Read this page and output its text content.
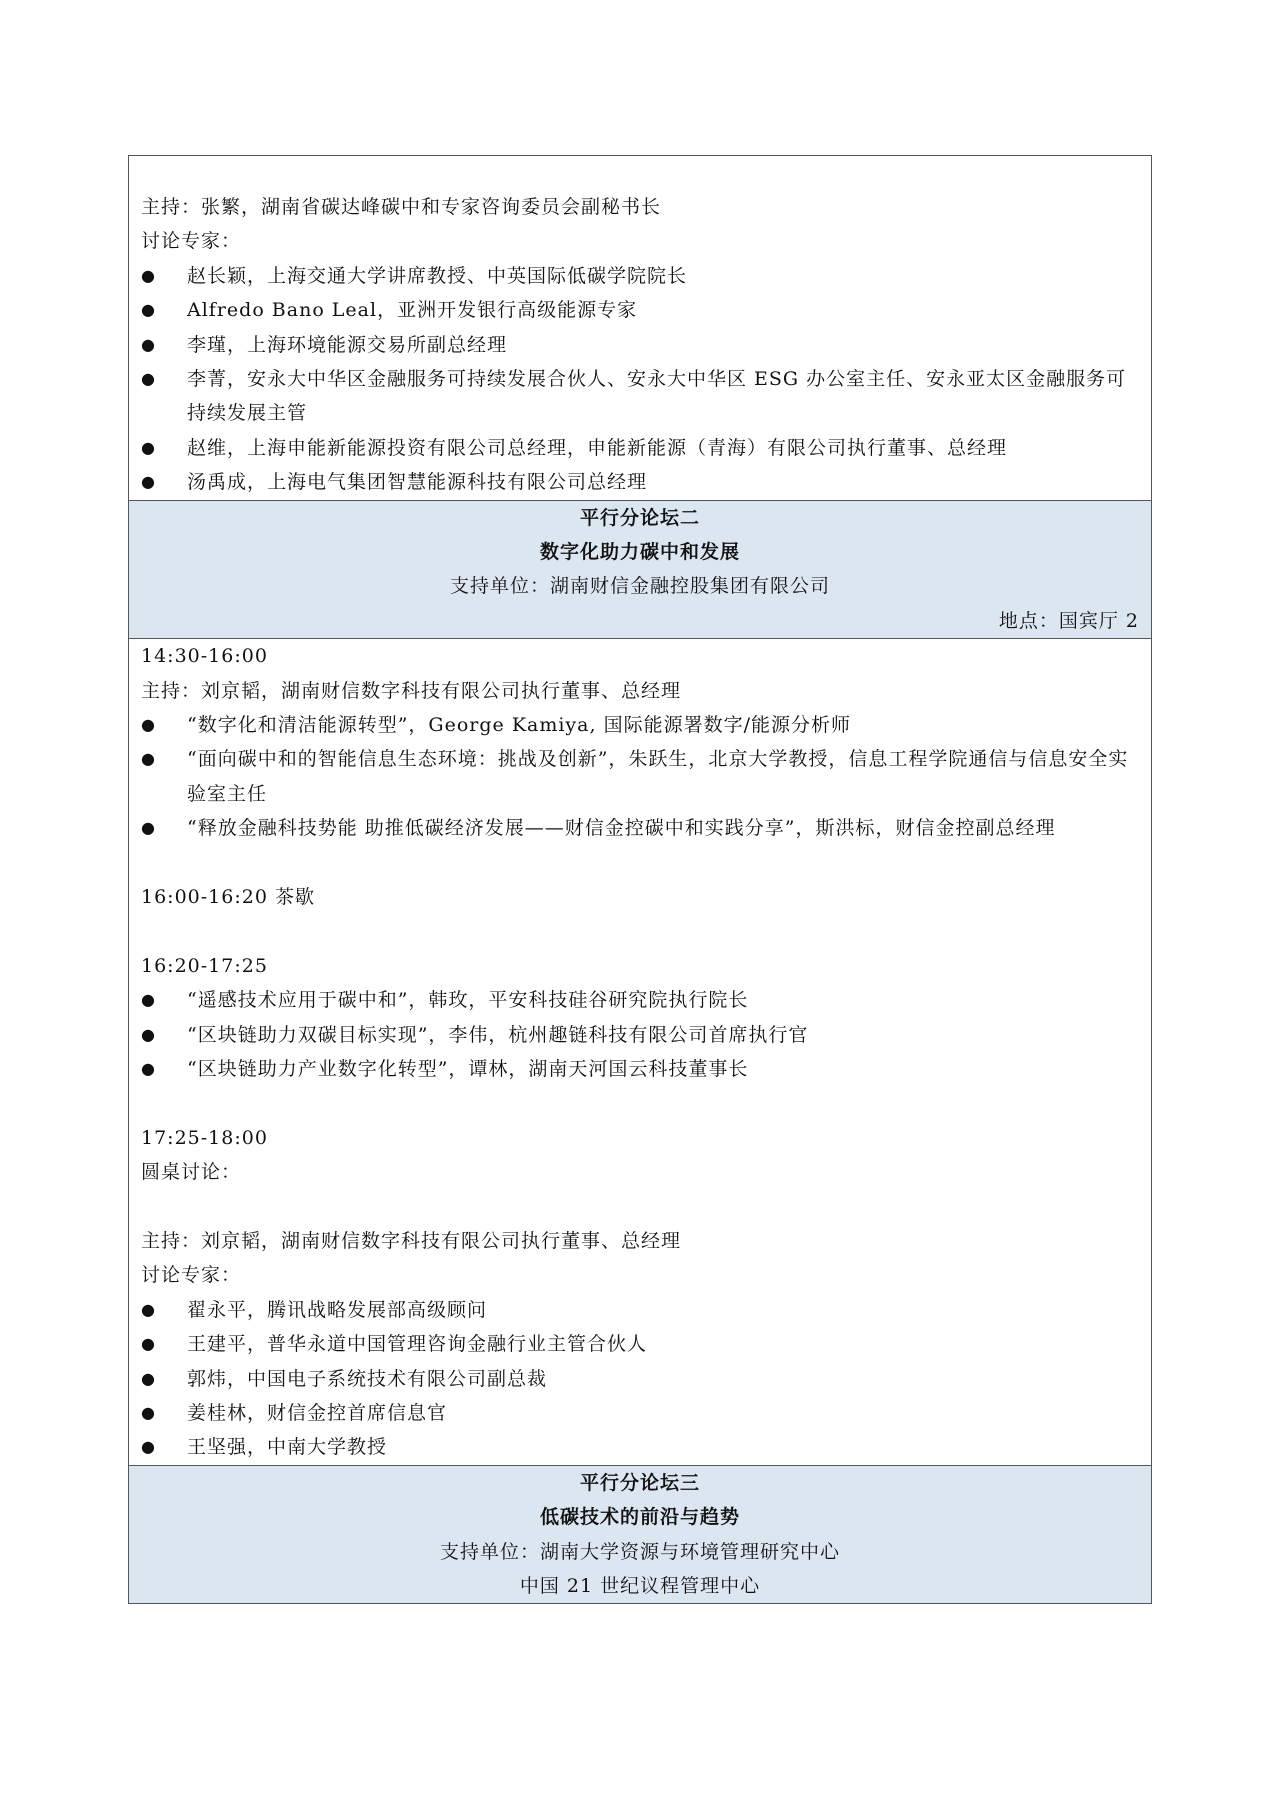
主持：张繁，湖南省碳达峰碳中和专家咨询委员会副秘书长
讨论专家：
●	赵长颖，上海交通大学讲席教授、中英国际低碳学院院长
●	Alfredo Bano Leal，亚洲开发银行高级能源专家
●	李瑾，上海环境能源交易所副总经理
●	李菁，安永大中华区金融服务可持续发展合伙人、安永大中华区 ESG 办公室主任、安永亚太区金融服务可持续发展主管
●	赵维，上海申能新能源投资有限公司总经理，申能新能源（青海）有限公司执行董事、总经理
●	汤禹成，上海电气集团智慧能源科技有限公司总经理
平行分论坛二
数字化助力碳中和发展
支持单位：湖南财信金融控股集团有限公司
地点：国宾厅 2
14:30-16:00
主持：刘京韬，湖南财信数字科技有限公司执行董事、总经理
●	“数字化和清洁能源转型”，George Kamiya, 国际能源署数字/能源分析师
●	“面向碳中和的智能信息生态环境：挑战及创新”，朱跃生，北京大学教授，信息工程学院通信与信息安全实验室主任
●	“释放金融科技势能 助推低碳经济发展——财信金控碳中和实践分享”，斯洪标，财信金控副总经理
16:00-16:20 茶歇
16:20-17:25
●	“遥感技术应用于碳中和”，韩玫，平安科技硅谷研究院执行院长
●	“区块链助力双碳目标实现”，李伟，杭州趣链科技有限公司首席执行官
●	“区块链助力产业数字化转型”，谭林，湖南天河国云科技董事长
17:25-18:00
圆桌讨论：
主持：刘京韬，湖南财信数字科技有限公司执行董事、总经理
讨论专家：
●	翟永平，腾讯战略发展部高级顾问
●	王建平，普华永道中国管理咨询金融行业主管合伙人
●	郭炜，中国电子系统技术有限公司副总裁
●	姜桂林，财信金控首席信息官
●	王坚强，中南大学教授
平行分论坛三
低碳技术的前沿与趋势
支持单位：湖南大学资源与环境管理研究中心
中国 21 世纪议程管理中心
